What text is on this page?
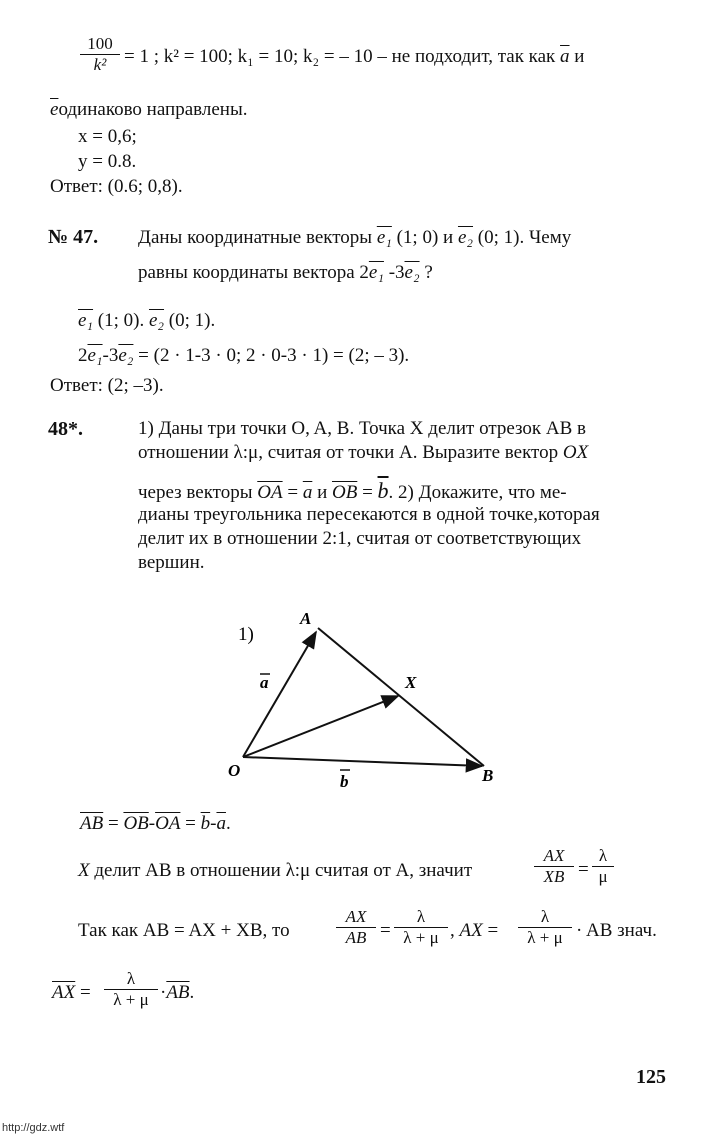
$\frac{100}{\text{k²}} = 1$ ; k² = 100; k₁ = 10; k₂ = – 10 – не подходит, так как $\overline{a}$ и
$\overline{e}одинаково$ направлены.
x = 0,6;
y = 0.8.
Ответ: (0.6; 0,8).
№ 47. Даны координатные векторы e₁ (1; 0) и e₂ (0; 1). Чему
равны координаты вектора 2e₁ -3e₂ ?
e₁ (1; 0). e₂ (0; 1).
2e₁-3e₂ = (2 · 1-3 · 0; 2 · 0-3 · 1) = (2; – 3).
Ответ: (2; –3).
48*.	1) Даны три точки O, A, B. Точка X делит отрезок AB в
отношении λ:μ, считая от точки A. Выразите вектор OX
через векторы $\overline{OA} = \overline{a}$ и $\overline{OB} = \overline{b}$. 2) Докажите, что ме-
дианы треугольника пересекаются в одной точке,которая
делит их в отношении 2:1, считая от соответствующих
вершин.
1)
A
X
O	B
a
b
$\overline{AB} = \overline{OB}-\overline{OA} = \overline{b}-\overline{a}$.
X делит AB в отношении λ:μ считая от A, значит	$\frac{AX}{XB} = \frac{\lambda}{\mu}$
Так как AB = AX + XB, то	$\frac{AX}{AB} = \frac{\lambda}{\lambda + \mu}$ , AX = $\frac{\lambda}{\lambda + \mu}$ · AB знач.
$\overline{AX} = \frac{\lambda}{\lambda + \mu} \cdot\overline{AB}$.
125
http://gdz.wtf
